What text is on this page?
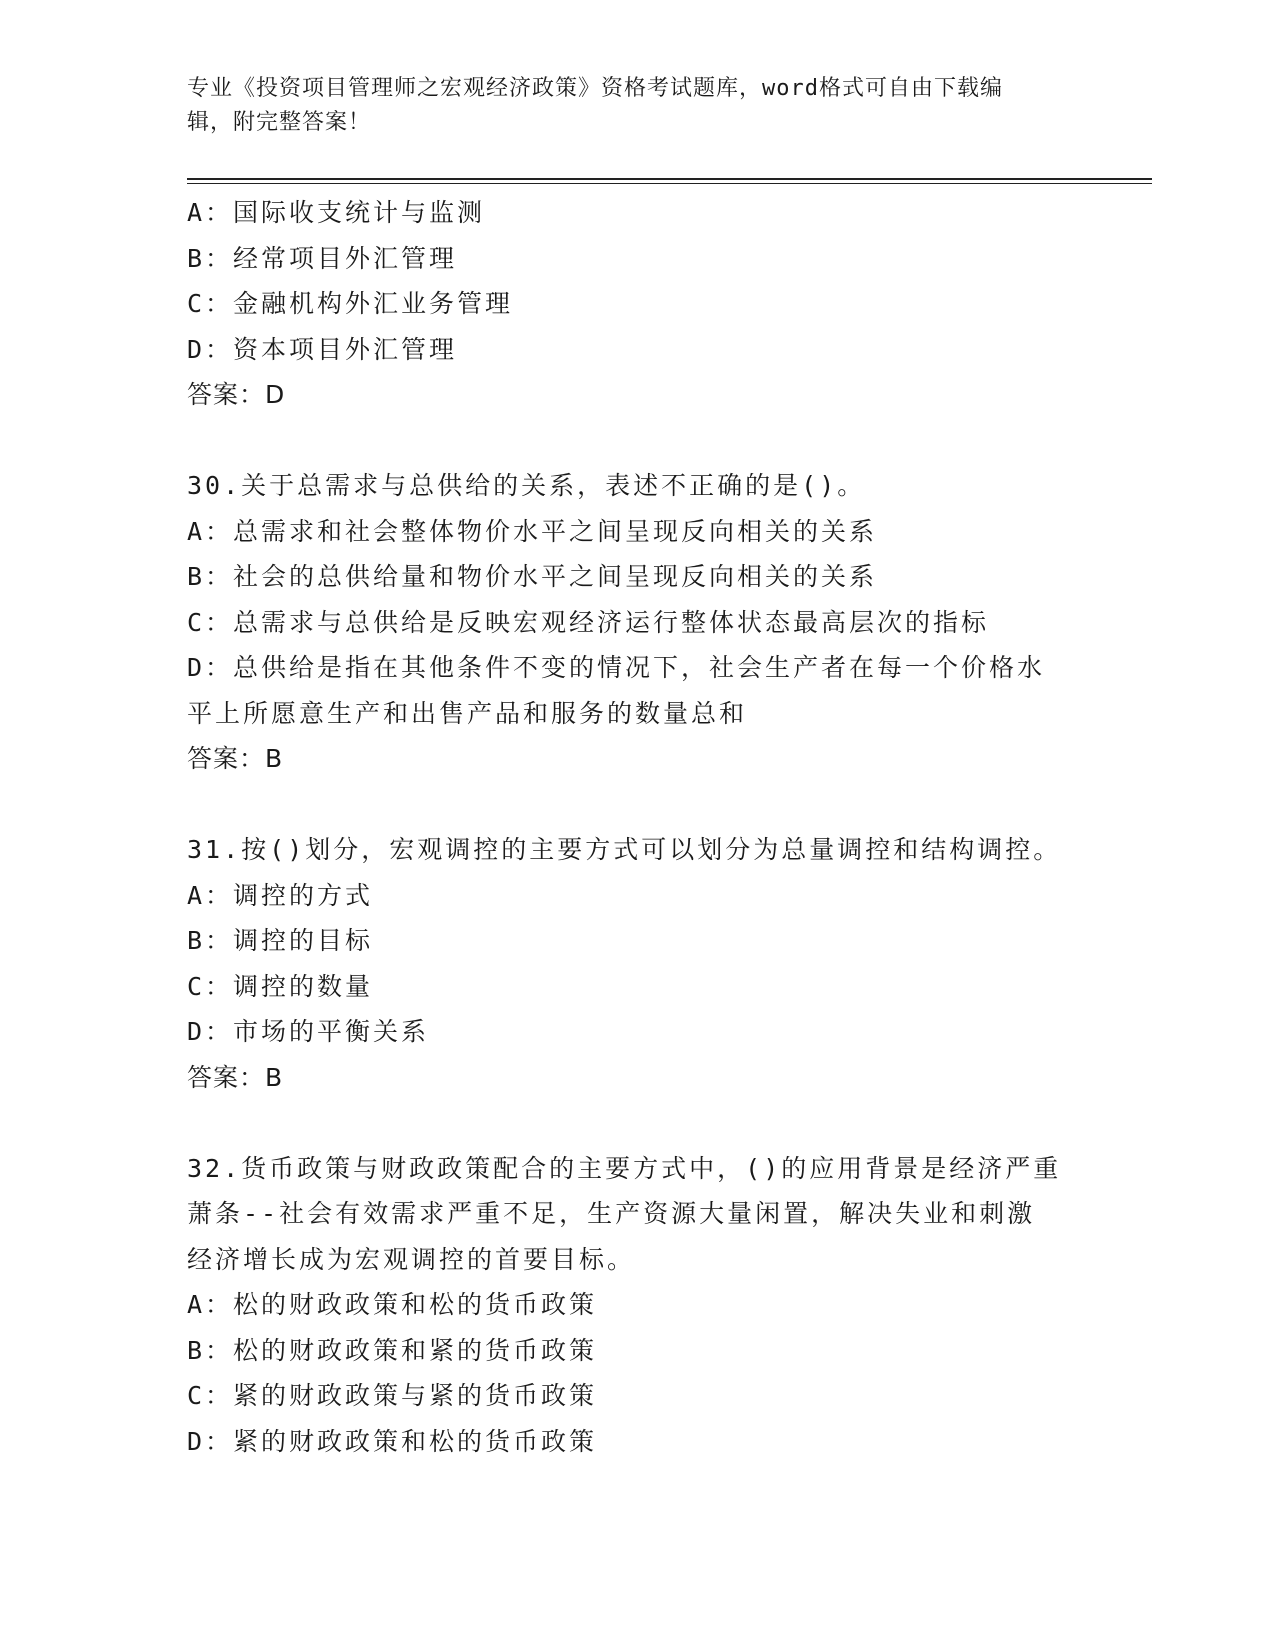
专业《投资项目管理师之宏观经济政策》资格考试题库，word格式可自由下载编
辑，附完整答案！
A：国际收支统计与监测
B：经常项目外汇管理
C：金融机构外汇业务管理
D：资本项目外汇管理
答案：D
30.关于总需求与总供给的关系，表述不正确的是()。
A：总需求和社会整体物价水平之间呈现反向相关的关系
B：社会的总供给量和物价水平之间呈现反向相关的关系
C：总需求与总供给是反映宏观经济运行整体状态最高层次的指标
D：总供给是指在其他条件不变的情况下，社会生产者在每一个价格水
平上所愿意生产和出售产品和服务的数量总和
答案：B
31.按()划分，宏观调控的主要方式可以划分为总量调控和结构调控。
A：调控的方式
B：调控的目标
C：调控的数量
D：市场的平衡关系
答案：B
32.货币政策与财政政策配合的主要方式中，()的应用背景是经济严重
萧条--社会有效需求严重不足，生产资源大量闲置，解决失业和刺激
经济增长成为宏观调控的首要目标。
A：松的财政政策和松的货币政策
B：松的财政政策和紧的货币政策
C：紧的财政政策与紧的货币政策
D：紧的财政政策和松的货币政策
